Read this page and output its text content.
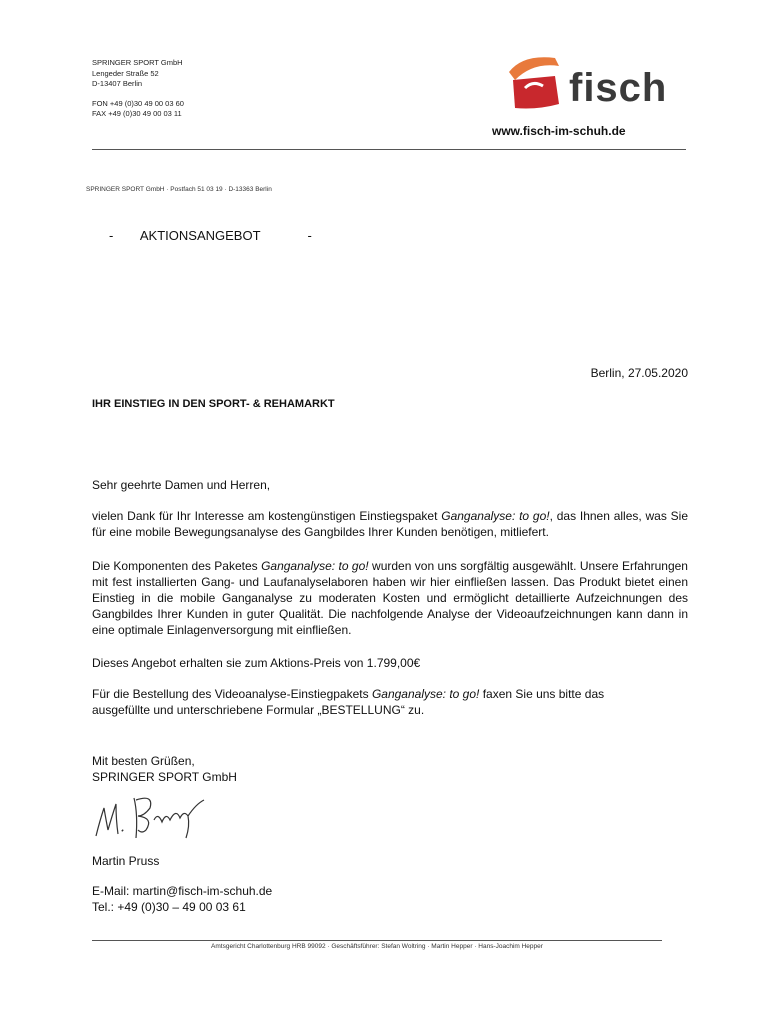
SPRINGER SPORT GmbH
Lengeder Straße 52
D-13407 Berlin
FON +49 (0)30 49 00 03 60
FAX +49 (0)30 49 00 03 11
fisch
www.fisch-im-schuh.de
SPRINGER SPORT GmbH · Postfach 51 03 19 · D-13363 Berlin
- AKTIONSANGEBOT	-
Berlin, 27.05.2020
IHR EINSTIEG IN DEN SPORT- & REHAMARKT
Sehr geehrte Damen und Herren,
vielen Dank für Ihr Interesse am kostengünstigen Einstiegspaket Ganganalyse: to go!, das Ihnen alles, was Sie für eine mobile Bewegungsanalyse des Gangbildes Ihrer Kunden benötigen, mitliefert.
Die Komponenten des Paketes Ganganalyse: to go! wurden von uns sorgfältig ausgewählt. Unsere Erfahrungen mit fest installierten Gang- und Laufanalyselaboren haben wir hier einfließen lassen. Das Produkt bietet einen Einstieg in die mobile Ganganalyse zu moderaten Kosten und ermöglicht detaillierte Aufzeichnungen des Gangbildes Ihrer Kunden in guter Qualität. Die nachfolgende Analyse der Videoaufzeichnungen kann dann in eine optimale Einlagenversorgung mit einfließen.
Dieses Angebot erhalten sie zum Aktions-Preis von 1.799,00€
Für die Bestellung des Videoanalyse-Einstiegpakets Ganganalyse: to go! faxen Sie uns bitte das ausgefüllte und unterschriebene Formular „BESTELLUNG“ zu.
Mit besten Grüßen,
SPRINGER SPORT GmbH
Martin Pruss
E-Mail: martin@fisch-im-schuh.de
Tel.: +49 (0)30 – 49 00 03 61
Amtsgericht Charlottenburg HRB 99092 · Geschäftsführer: Stefan Woltring · Martin Hepper · Hans-Joachim Hepper
